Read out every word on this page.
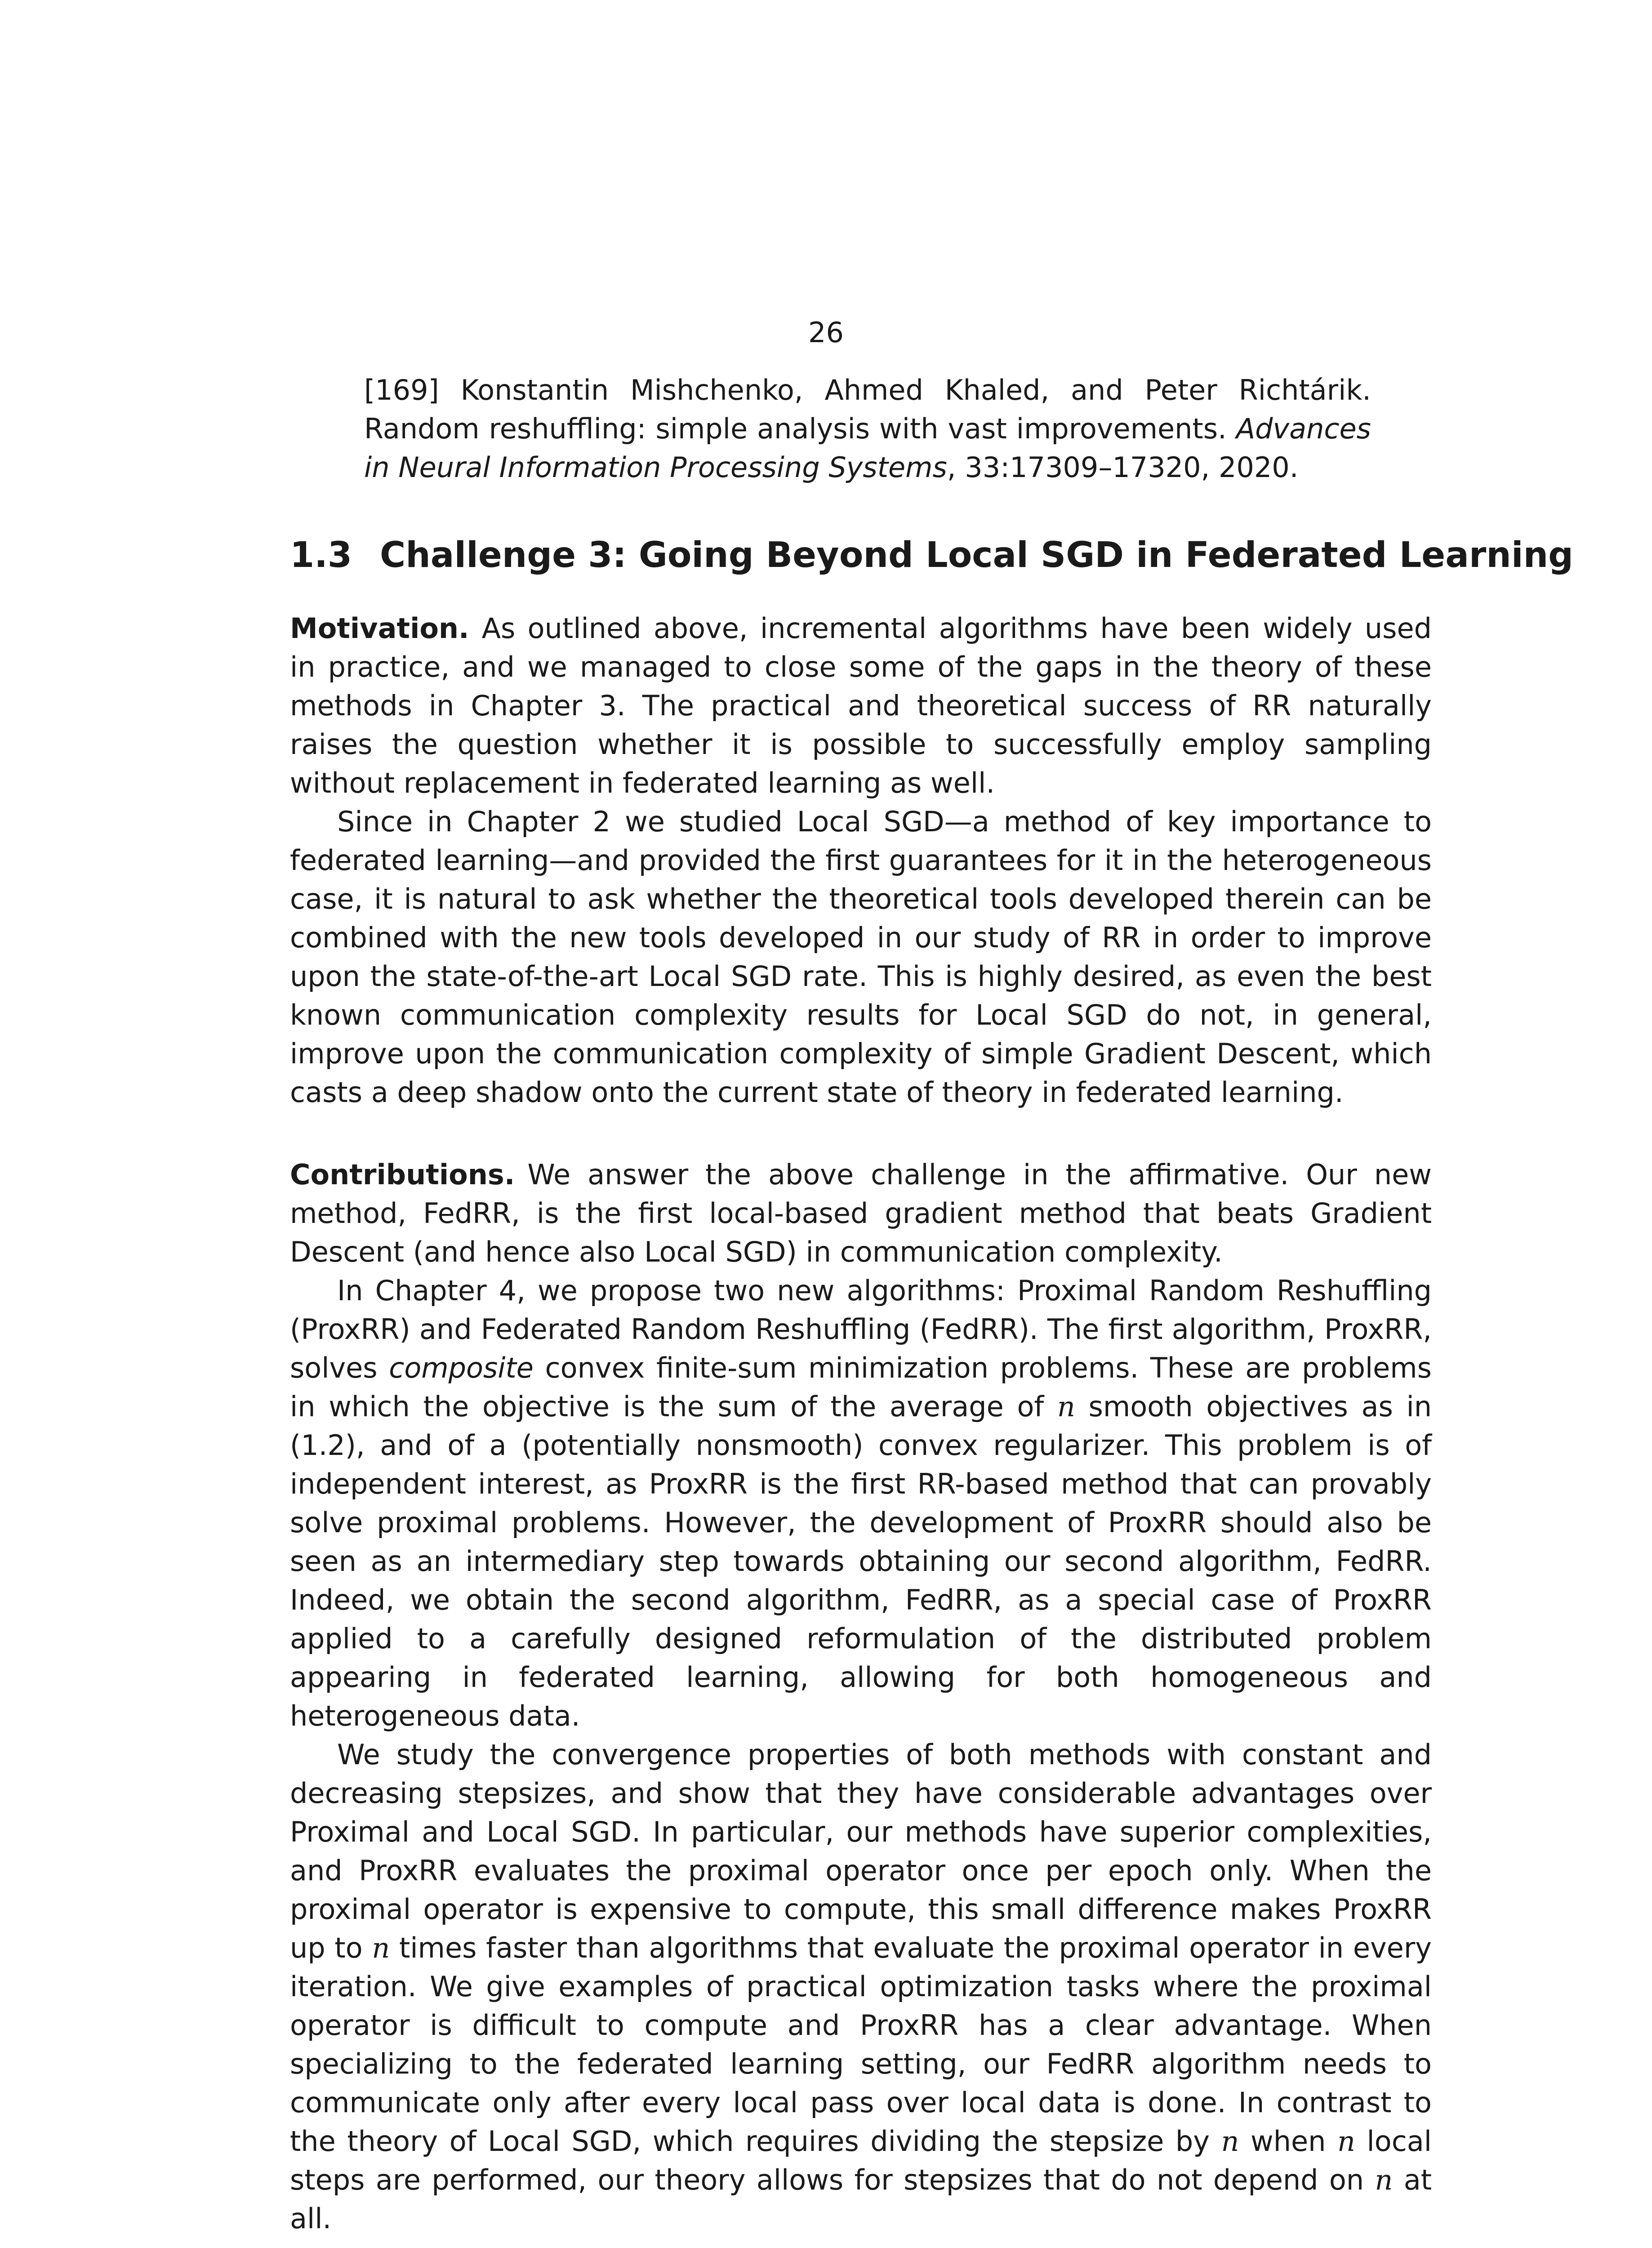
26
[169] Konstantin Mishchenko, Ahmed Khaled, and Peter Richtárik. Random reshuffling: simple analysis with vast improvements. Advances in Neural Information Processing Systems, 33:17309–17320, 2020.
1.3 Challenge 3: Going Beyond Local SGD in Federated Learning

Motivation. As outlined above, incremental algorithms have been widely used in practice, and we managed to close some of the gaps in the theory of these methods in Chapter 3. The practical and theoretical success of RR naturally raises the question whether it is possible to successfully employ sampling without replacement in federated learning as well.

Since in Chapter 2 we studied Local SGD—a method of key importance to federated learning—and provided the first guarantees for it in the heterogeneous case, it is natural to ask whether the theoretical tools developed therein can be combined with the new tools developed in our study of RR in order to improve upon the state-of-the-art Local SGD rate. This is highly desired, as even the best known communication complexity results for Local SGD do not, in general, improve upon the communication complexity of simple Gradient Descent, which casts a deep shadow onto the current state of theory in federated learning.

Contributions. We answer the above challenge in the affirmative. Our new method, FedRR, is the first local-based gradient method that beats Gradient Descent (and hence also Local SGD) in communication complexity.

In Chapter 4, we propose two new algorithms: Proximal Random Reshuffling (ProxRR) and Federated Random Reshuffling (FedRR). The first algorithm, ProxRR, solves composite convex finite-sum minimization problems. These are problems in which the objective is the sum of the average of n smooth objectives as in (1.2), and of a (potentially nonsmooth) convex regularizer. This problem is of independent interest, as ProxRR is the first RR-based method that can provably solve proximal problems. However, the development of ProxRR should also be seen as an intermediary step towards obtaining our second algorithm, FedRR. Indeed, we obtain the second algorithm, FedRR, as a special case of ProxRR applied to a carefully designed reformulation of the distributed problem appearing in federated learning, allowing for both homogeneous and heterogeneous data.

We study the convergence properties of both methods with constant and decreasing stepsizes, and show that they have considerable advantages over Proximal and Local SGD. In particular, our methods have superior complexities, and ProxRR evaluates the proximal operator once per epoch only. When the proximal operator is expensive to compute, this small difference makes ProxRR up to n times faster than algorithms that evaluate the proximal operator in every iteration. We give examples of practical optimization tasks where the proximal operator is difficult to compute and ProxRR has a clear advantage. When specializing to the federated learning setting, our FedRR algorithm needs to communicate only after every local pass over local data is done. In contrast to the theory of Local SGD, which requires dividing the stepsize by n when n local steps are performed, our theory allows for stepsizes that do not depend on n at all.
